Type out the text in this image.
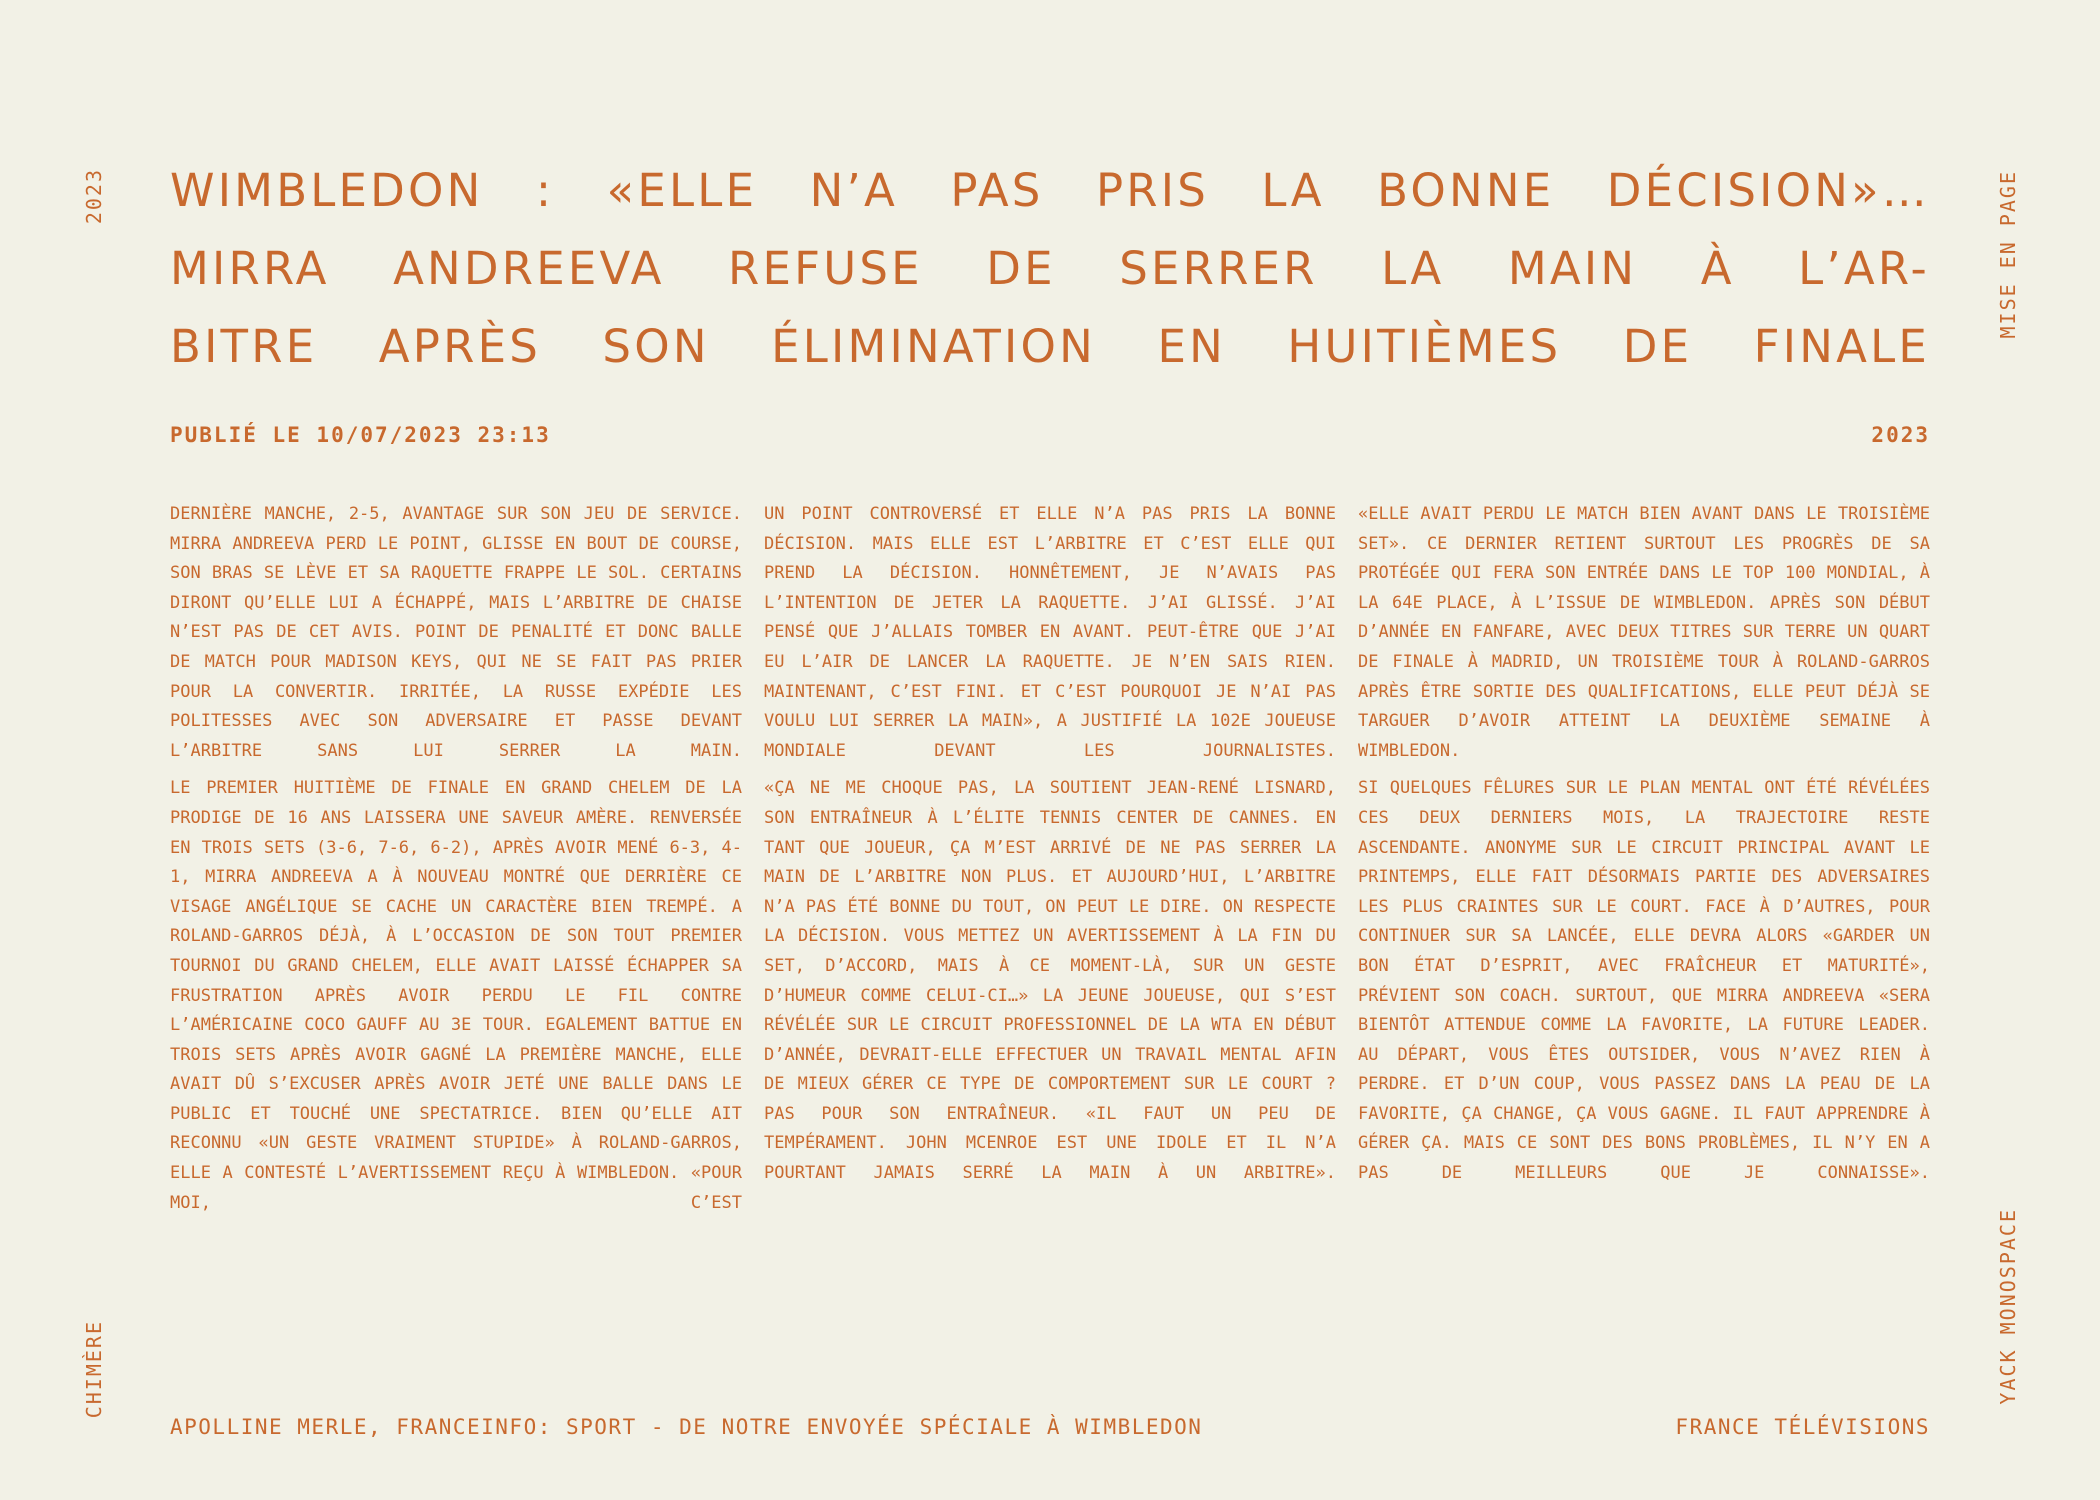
2023
CHIMÈRE
MISE EN PAGE
YACK MONOSPACE
WIMBLEDON : «ELLE N’A PAS PRIS LA BONNE DÉCISION»…
MIRRA ANDREEVA REFUSE DE SERRER LA MAIN À L’AR-
BITRE APRÈS SON ÉLIMINATION EN HUITIÈMES DE FINALE
PUBLIÉ LE 10/07/2023 23:13	2023

DERNIÈRE MANCHE, 2-5, AVANTAGE SUR SON JEU DE SERVICE. MIRRA ANDREEVA PERD LE POINT, GLISSE EN BOUT DE COURSE, SON BRAS SE LÈVE ET SA RAQUETTE FRAPPE LE SOL. CERTAINS DIRONT QU’ELLE LUI A ÉCHAPPÉ, MAIS L’ARBITRE DE CHAISE N’EST PAS DE CET AVIS. POINT DE PENALITÉ ET DONC BALLE DE MATCH POUR MADISON KEYS, QUI NE SE FAIT PAS PRIER POUR LA CONVERTIR. IRRITÉE, LA RUSSE EXPÉDIE LES POLITESSES AVEC SON ADVERSAIRE ET PASSE DEVANT L’ARBITRE SANS LUI SERRER LA MAIN.

LE PREMIER HUITIÈME DE FINALE EN GRAND CHELEM DE LA PRODIGE DE 16 ANS LAISSERA UNE SAVEUR AMÈRE. RENVERSÉE EN TROIS SETS (3-6, 7-6, 6-2), APRÈS AVOIR MENÉ 6-3, 4-1, MIRRA ANDREEVA A À NOUVEAU MONTRÉ QUE DERRIÈRE CE VISAGE ANGÉLIQUE SE CACHE UN CARACTÈRE BIEN TREMPÉ. A ROLAND-GARROS DÉJÀ, À L’OCCASION DE SON TOUT PREMIER TOURNOI DU GRAND CHELEM, ELLE AVAIT LAISSÉ ÉCHAPPER SA FRUSTRATION APRÈS AVOIR PERDU LE FIL CONTRE L’AMÉRICAINE COCO GAUFF AU 3E TOUR. EGALEMENT BATTUE EN TROIS SETS APRÈS AVOIR GAGNÉ LA PREMIÈRE MANCHE, ELLE AVAIT DÛ S’EXCUSER APRÈS AVOIR JETÉ UNE BALLE DANS LE PUBLIC ET TOUCHÉ UNE SPECTATRICE. BIEN QU’ELLE AIT RECONNU «UN GESTE VRAIMENT STUPIDE» À ROLAND-GARROS, ELLE A CONTESTÉ L’AVERTISSEMENT REÇU À WIMBLEDON. «POUR MOI, C’EST

UN POINT CONTROVERSÉ ET ELLE N’A PAS PRIS LA BONNE DÉCISION. MAIS ELLE EST L’ARBITRE ET C’EST ELLE QUI PREND LA DÉCISION. HONNÊTEMENT, JE N’AVAIS PAS L’INTENTION DE JETER LA RAQUETTE. J’AI GLISSÉ. J’AI PENSÉ QUE J’ALLAIS TOMBER EN AVANT. PEUT-ÊTRE QUE J’AI EU L’AIR DE LANCER LA RAQUETTE. JE N’EN SAIS RIEN. MAINTENANT, C’EST FINI. ET C’EST POURQUOI JE N’AI PAS VOULU LUI SERRER LA MAIN», A JUSTIFIÉ LA 102E JOUEUSE MONDIALE DEVANT LES JOURNALISTES.

«ÇA NE ME CHOQUE PAS, LA SOUTIENT JEAN-RENÉ LISNARD, SON ENTRAÎNEUR À L’ÉLITE TENNIS CENTER DE CANNES. EN TANT QUE JOUEUR, ÇA M’EST ARRIVÉ DE NE PAS SERRER LA MAIN DE L’ARBITRE NON PLUS. ET AUJOURD’HUI, L’ARBITRE N’A PAS ÉTÉ BONNE DU TOUT, ON PEUT LE DIRE. ON RESPECTE LA DÉCISION. VOUS METTEZ UN AVERTISSEMENT À LA FIN DU SET, D’ACCORD, MAIS À CE MOMENT-LÀ, SUR UN GESTE D’HUMEUR COMME CELUI-CI…» LA JEUNE JOUEUSE, QUI S’EST RÉVÉLÉE SUR LE CIRCUIT PROFESSIONNEL DE LA WTA EN DÉBUT D’ANNÉE, DEVRAIT-ELLE EFFECTUER UN TRAVAIL MENTAL AFIN DE MIEUX GÉRER CE TYPE DE COMPORTEMENT SUR LE COURT ? PAS POUR SON ENTRAÎNEUR. «IL FAUT UN PEU DE TEMPÉRAMENT. JOHN MCENROE EST UNE IDOLE ET IL N’A POURTANT JAMAIS SERRÉ LA MAIN À UN ARBITRE».

«ELLE AVAIT PERDU LE MATCH BIEN AVANT DANS LE TROISIÈME SET». CE DERNIER RETIENT SURTOUT LES PROGRÈS DE SA PROTÉGÉE QUI FERA SON ENTRÉE DANS LE TOP 100 MONDIAL, À LA 64E PLACE, À L’ISSUE DE WIMBLEDON. APRÈS SON DÉBUT D’ANNÉE EN FANFARE, AVEC DEUX TITRES SUR TERRE UN QUART DE FINALE À MADRID, UN TROISIÈME TOUR À ROLAND-GARROS APRÈS ÊTRE SORTIE DES QUALIFICATIONS, ELLE PEUT DÉJÀ SE TARGUER D’AVOIR ATTEINT LA DEUXIÈME SEMAINE À WIMBLEDON.

SI QUELQUES FÊLURES SUR LE PLAN MENTAL ONT ÉTÉ RÉVÉLÉES CES DEUX DERNIERS MOIS, LA TRAJECTOIRE RESTE ASCENDANTE. ANONYME SUR LE CIRCUIT PRINCIPAL AVANT LE PRINTEMPS, ELLE FAIT DÉSORMAIS PARTIE DES ADVERSAIRES LES PLUS CRAINTES SUR LE COURT. FACE À D’AUTRES, POUR CONTINUER SUR SA LANCÉE, ELLE DEVRA ALORS «GARDER UN BON ÉTAT D’ESPRIT, AVEC FRAÎCHEUR ET MATURITÉ», PRÉVIENT SON COACH. SURTOUT, QUE MIRRA ANDREEVA «SERA BIENTÔT ATTENDUE COMME LA FAVORITE, LA FUTURE LEADER. AU DÉPART, VOUS ÊTES OUTSIDER, VOUS N’AVEZ RIEN À PERDRE. ET D’UN COUP, VOUS PASSEZ DANS LA PEAU DE LA FAVORITE, ÇA CHANGE, ÇA VOUS GAGNE. IL FAUT APPRENDRE À GÉRER ÇA. MAIS CE SONT DES BONS PROBLÈMES, IL N’Y EN A PAS DE MEILLEURS QUE JE CONNAISSE».

APOLLINE MERLE, FRANCEINFO: SPORT - DE NOTRE ENVOYÉE SPÉCIALE À WIMBLEDON	FRANCE TÉLÉVISIONS
